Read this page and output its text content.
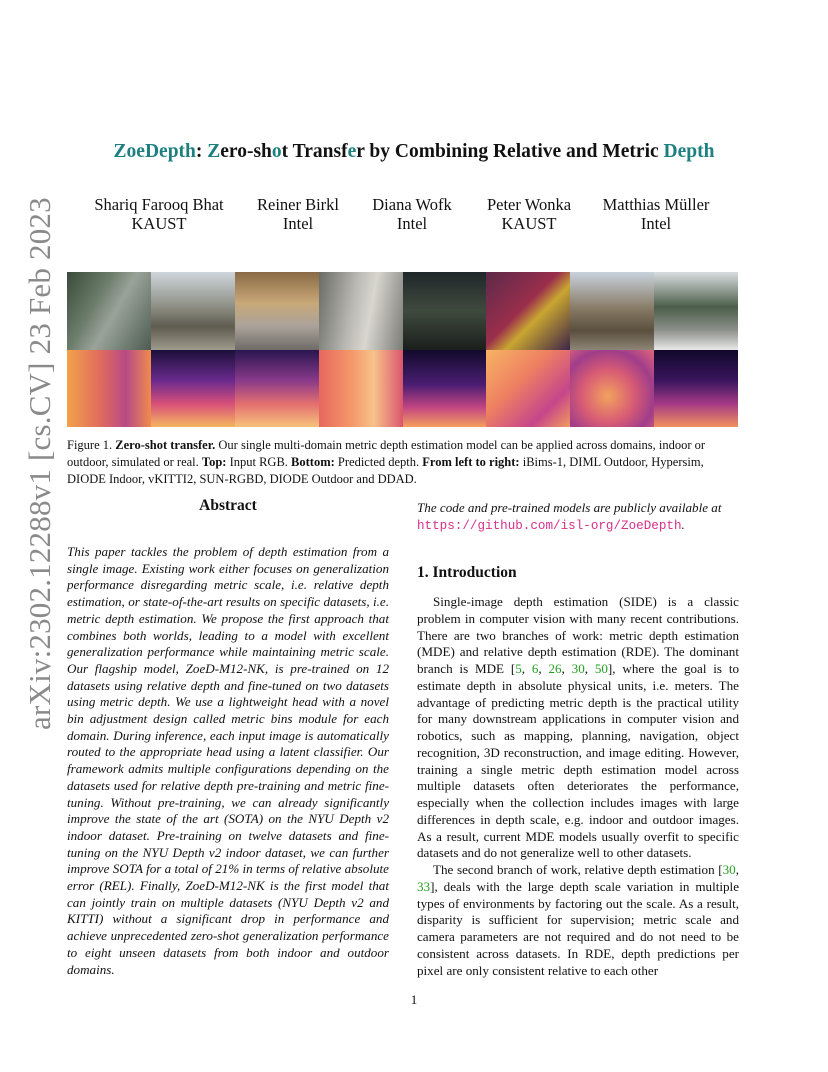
arXiv:2302.12288v1 [cs.CV] 23 Feb 2023
ZoeDepth: Zero-shot Transfer by Combining Relative and Metric Depth
Shariq Farooq Bhat
KAUST
Reiner Birkl
Intel
Diana Wofk
Intel
Peter Wonka
KAUST
Matthias Müller
Intel
Figure 1. Zero-shot transfer. Our single multi-domain metric depth estimation model can be applied across domains, indoor or outdoor, simulated or real. Top: Input RGB. Bottom: Predicted depth. From left to right: iBims-1, DIML Outdoor, Hypersim, DIODE Indoor, vKITTI2, SUN-RGBD, DIODE Outdoor and DDAD.
Abstract
This paper tackles the problem of depth estimation from a single image. Existing work either focuses on generalization performance disregarding metric scale, i.e. relative depth estimation, or state-of-the-art results on specific datasets, i.e. metric depth estimation. We propose the first approach that combines both worlds, leading to a model with excellent generalization performance while maintaining metric scale. Our flagship model, ZoeD-M12-NK, is pre-trained on 12 datasets using relative depth and fine-tuned on two datasets using metric depth. We use a lightweight head with a novel bin adjustment design called metric bins module for each domain. During inference, each input image is automatically routed to the appropriate head using a latent classifier. Our framework admits multiple configurations depending on the datasets used for relative depth pre-training and metric fine-tuning. Without pre-training, we can already significantly improve the state of the art (SOTA) on the NYU Depth v2 indoor dataset. Pre-training on twelve datasets and fine-tuning on the NYU Depth v2 indoor dataset, we can further improve SOTA for a total of 21% in terms of relative absolute error (REL). Finally, ZoeD-M12-NK is the first model that can jointly train on multiple datasets (NYU Depth v2 and KITTI) without a significant drop in performance and achieve unprecedented zero-shot generalization performance to eight unseen datasets from both indoor and outdoor domains.
The code and pre-trained models are publicly available at https://github.com/isl-org/ZoeDepth.
1. Introduction

Single-image depth estimation (SIDE) is a classic problem in computer vision with many recent contributions. There are two branches of work: metric depth estimation (MDE) and relative depth estimation (RDE). The dominant branch is MDE [5, 6, 26, 30, 50], where the goal is to estimate depth in absolute physical units, i.e. meters. The advantage of predicting metric depth is the practical utility for many downstream applications in computer vision and robotics, such as mapping, planning, navigation, object recognition, 3D reconstruction, and image editing. However, training a single metric depth estimation model across multiple datasets often deteriorates the performance, especially when the collection includes images with large differences in depth scale, e.g. indoor and outdoor images. As a result, current MDE models usually overfit to specific datasets and do not generalize well to other datasets.

The second branch of work, relative depth estimation [30, 33], deals with the large depth scale variation in multiple types of environments by factoring out the scale. As a result, disparity is sufficient for supervision; metric scale and camera parameters are not required and do not need to be consistent across datasets. In RDE, depth predictions per pixel are only consistent relative to each other

1
